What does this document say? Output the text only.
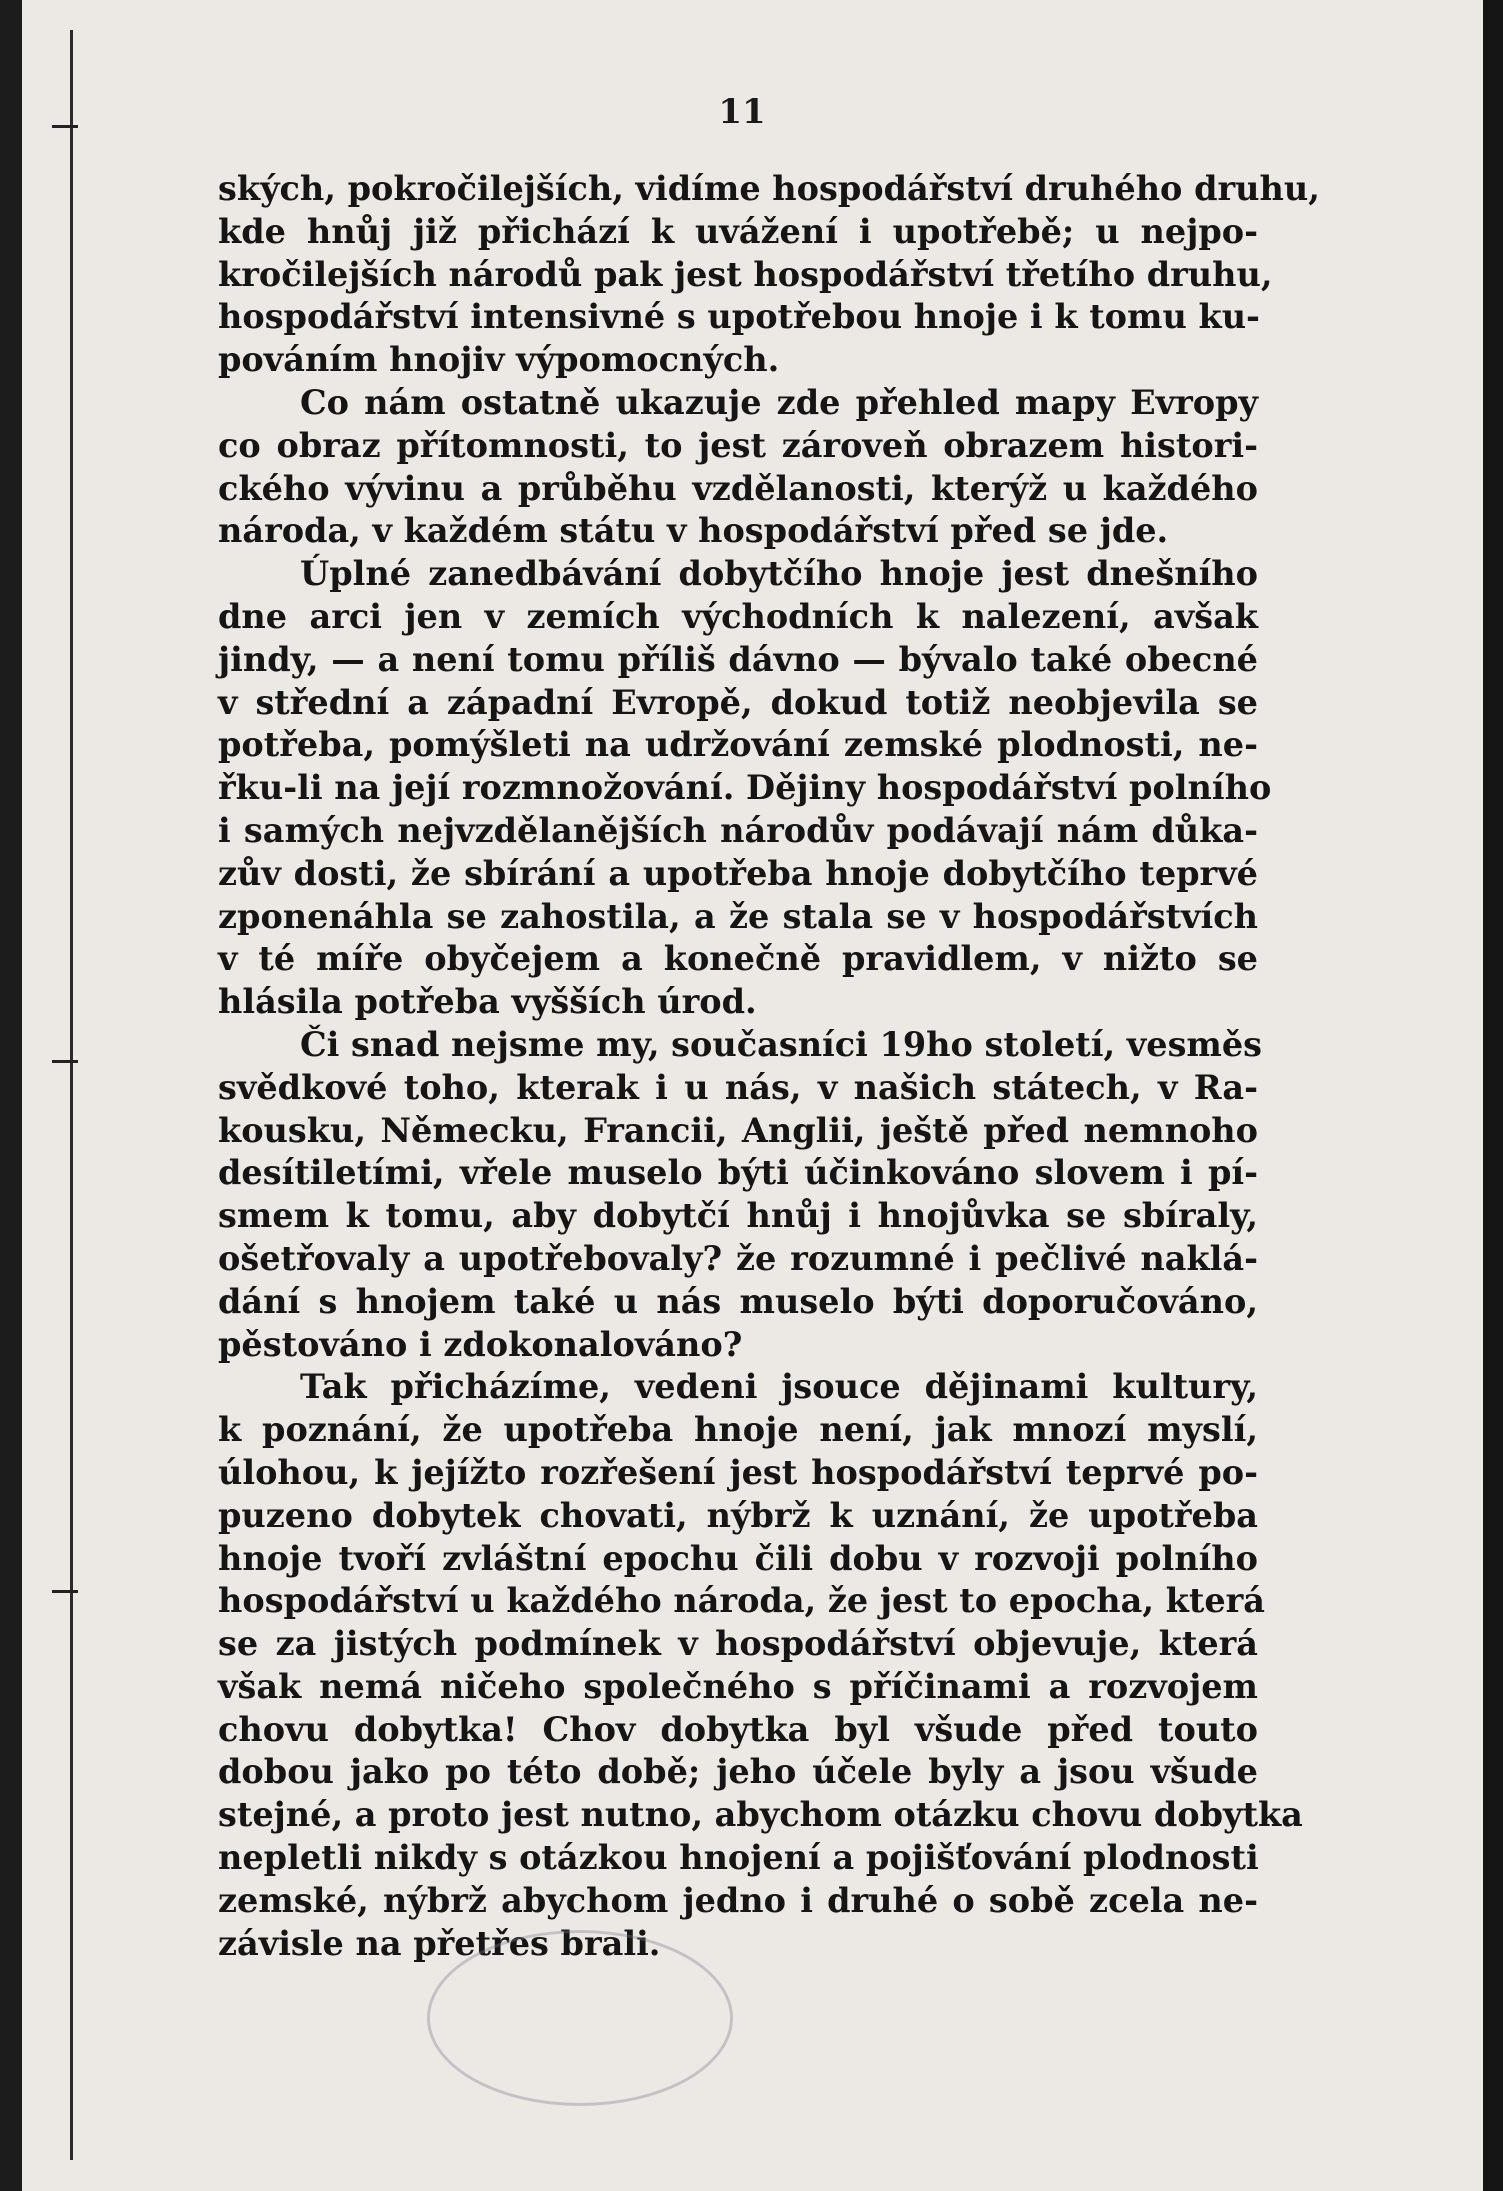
11
ských, pokročilejších, vidíme hospodářství druhého druhu,
kde hnůj již přichází k uvážení i upotřebě; u nejpo-
kročilejších národů pak jest hospodářství třetího druhu,
hospodářství intensivné s upotřebou hnoje i k tomu ku-
pováním hnojiv výpomocných.
Co nám ostatně ukazuje zde přehled mapy Evropy
co obraz přítomnosti, to jest zároveň obrazem histori-
ckého vývinu a průběhu vzdělanosti, kterýž u každého
národa, v každém státu v hospodářství před se jde.
Úplné zanedbávání dobytčího hnoje jest dnešního
dne arci jen v zemích východních k nalezení, avšak
jindy, — a není tomu příliš dávno — bývalo také obecné
v střední a západní Evropě, dokud totiž neobjevila se
potřeba, pomýšleti na udržování zemské plodnosti, ne-
řku-li na její rozmnožování. Dějiny hospodářství polního
i samých nejvzdělanějších národův podávají nám důka-
zův dosti, že sbírání a upotřeba hnoje dobytčího teprvé
zponenáhla se zahostila, a že stala se v hospodářstvích
v té míře obyčejem a konečně pravidlem, v nižto se
hlásila potřeba vyšších úrod.
Či snad nejsme my, současníci 19ho století, vesměs
svědkové toho, kterak i u nás, v našich státech, v Ra-
kousku, Německu, Francii, Anglii, ještě před nemnoho
desítiletími, vřele muselo býti účinkováno slovem i pí-
smem k tomu, aby dobytčí hnůj i hnojůvka se sbíraly,
ošetřovaly a upotřebovaly? že rozumné i pečlivé naklá-
dání s hnojem také u nás muselo býti doporučováno,
pěstováno i zdokonalováno?
Tak přicházíme, vedeni jsouce dějinami kultury,
k poznání, že upotřeba hnoje není, jak mnozí myslí,
úlohou, k jejížto rozřešení jest hospodářství teprvé po-
puzeno dobytek chovati, nýbrž k uznání, že upotřeba
hnoje tvoří zvláštní epochu čili dobu v rozvoji polního
hospodářství u každého národa, že jest to epocha, která
se za jistých podmínek v hospodářství objevuje, která
však nemá ničeho společného s příčinami a rozvojem
chovu dobytka! Chov dobytka byl všude před touto
dobou jako po této době; jeho účele byly a jsou všude
stejné, a proto jest nutno, abychom otázku chovu dobytka
nepletli nikdy s otázkou hnojení a pojišťování plodnosti
zemské, nýbrž abychom jedno i druhé o sobě zcela ne-
závisle na přetřes brali.
